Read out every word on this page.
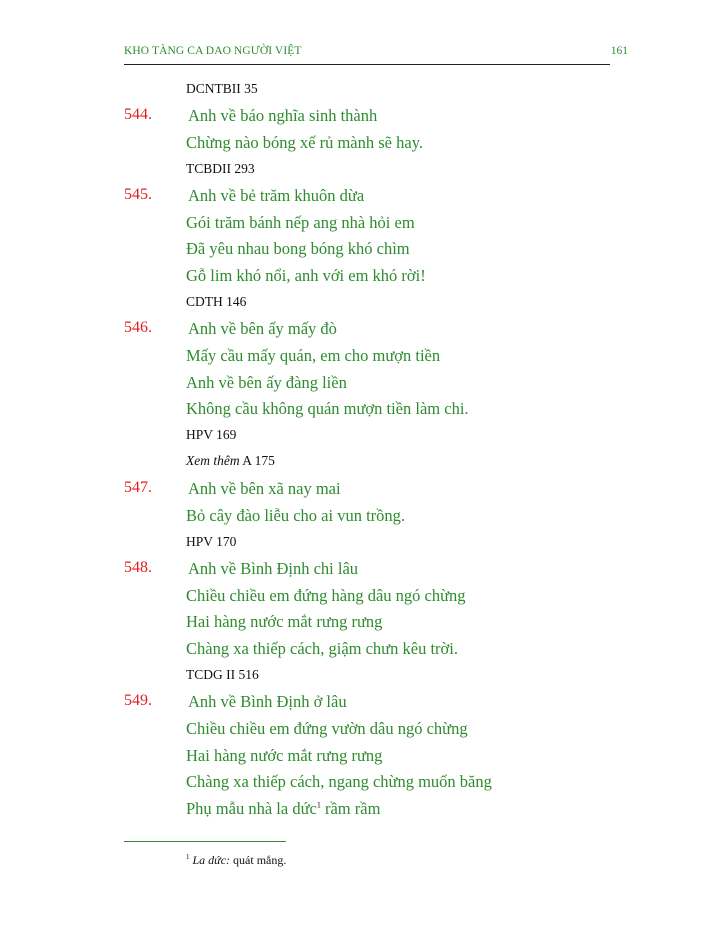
KHO TÀNG CA DAO NGƯỜI VIỆT	161
DCNTBII 35
544. Anh về báo nghĩa sinh thành
Chừng nào bóng xế rủ mành sẽ hay.
TCBDII 293
545. Anh về bẻ trăm khuôn dừa
Gói trăm bánh nếp ang nhà hỏi em
Đã yêu nhau bong bóng khó chìm
Gỗ lim khó nổi, anh với em khó rời!
CDTH 146
546. Anh về bên ấy mấy đò
Mấy cầu mấy quán, em cho mượn tiền
Anh về bên ấy đàng liền
Không cầu không quán mượn tiền làm chi.
HPV 169
Xem thêm A 175
547. Anh về bên xã nay mai
Bỏ cây đào liễu cho ai vun trồng.
HPV 170
548. Anh về Bình Định chi lâu
Chiều chiều em đứng hàng dâu ngó chừng
Hai hàng nước mắt rưng rưng
Chàng xa thiếp cách, giậm chưn kêu trời.
TCDG II 516
549. Anh về Bình Định ở lâu
Chiều chiều em đứng vườn dâu ngó chừng
Hai hàng nước mắt rưng rưng
Chàng xa thiếp cách, ngang chừng muốn băng
Phụ mẫu nhà la dức$^1$ rầm rầm
$^1$ La dức: quát mắng.
